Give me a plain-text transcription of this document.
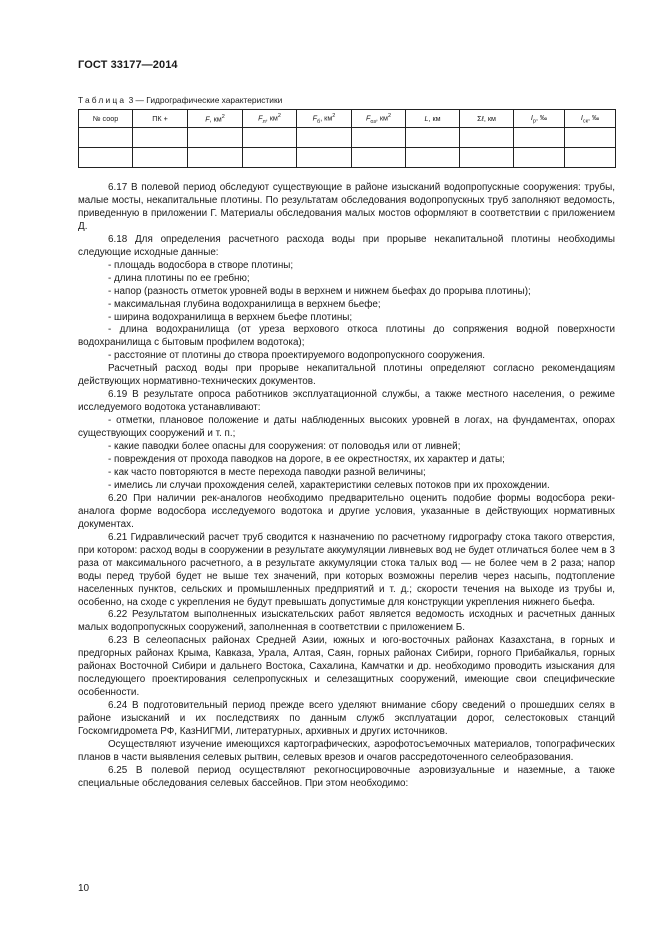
ГОСТ 33177—2014
Таблица 3 — Гидрографические характеристики
№ соор	ПК +	F, $км^2$	$F_л$, $км^2$	$F_б$, $км^2$	$F_{оз}$, $км^2$	L, км	Σℓ, км	$I_р$, ‰	$I_{ск}$, ‰

6.17 В полевой период обследуют существующие в районе изысканий водопропускные сооружения: трубы, малые мосты, некапитальные плотины. По результатам обследования водопропускных труб заполняют ведомость, приведенную в приложении Г. Материалы обследования малых мостов оформляют в соответствии с приложением Д.

6.18 Для определения расчетного расхода воды при прорыве некапитальной плотины необходимы следующие исходные данные:

- площадь водосбора в створе плотины;

- длина плотины по ее гребню;

- напор (разность отметок уровней воды в верхнем и нижнем бьефах до прорыва плотины);

- максимальная глубина водохранилища в верхнем бьефе;

- ширина водохранилища в верхнем бьефе плотины;

- длина водохранилища (от уреза верхового откоса плотины до сопряжения водной поверхности водохранилища с бытовым профилем водотока);

- расстояние от плотины до створа проектируемого водопропускного сооружения.

Расчетный расход воды при прорыве некапитальной плотины определяют согласно рекомендациям действующих нормативно-технических документов.

6.19 В результате опроса работников эксплуатационной службы, а также местного населения, о режиме исследуемого водотока устанавливают:

- отметки, плановое положение и даты наблюденных высоких уровней в логах, на фундаментах, опорах существующих сооружений и т. п.;

- какие паводки более опасны для сооружения: от половодья или от ливней;

- повреждения от прохода паводков на дороге, в ее окрестностях, их характер и даты;

- как часто повторяются в месте перехода паводки разной величины;

- имелись ли случаи прохождения селей, характеристики селевых потоков при их прохождении.

6.20 При наличии рек-аналогов необходимо предварительно оценить подобие формы водосбора реки-аналога форме водосбора исследуемого водотока и другие условия, указанные в действующих нормативных документах.

6.21 Гидравлический расчет труб сводится к назначению по расчетному гидрографу стока такого отверстия, при котором: расход воды в сооружении в результате аккумуляции ливневых вод не будет отличаться более чем в 3 раза от максимального расчетного, а в результате аккумуляции стока талых вод — не более чем в 2 раза; напор воды перед трубой будет не выше тех значений, при которых возможны перелив через насыпь, подтопление населенных пунктов, сельских и промышленных предприятий и т. д.; скорости течения на выходе из трубы и, особенно, на сходе с укрепления не будут превышать допустимые для конструкции укрепления нижнего бьефа.

6.22 Результатом выполненных изыскательских работ является ведомость исходных и расчетных данных малых водопропускных сооружений, заполненная в соответствии с приложением Б.

6.23 В селеопасных районах Средней Азии, южных и юго-восточных районах Казахстана, в горных и предгорных районах Крыма, Кавказа, Урала, Алтая, Саян, горных районах Сибири, горного Прибайкалья, горных районах Восточной Сибири и дальнего Востока, Сахалина, Камчатки и др. необходимо проводить изыскания для последующего проектирования селепропускных и селезащитных сооружений, имеющие свои специфические особенности.

6.24 В подготовительный период прежде всего уделяют внимание сбору сведений о прошедших селях в районе изысканий и их последствиях по данным служб эксплуатации дорог, селестоковых станций Госкомгидромета РФ, КазНИГМИ, литературных, архивных и других источников.

Осуществляют изучение имеющихся картографических, аэрофотосъемочных материалов, топографических планов в части выявления селевых рытвин, селевых врезов и очагов рассредоточенного селеобразования.

6.25 В полевой период осуществляют рекогносцировочные аэровизуальные и наземные, а также специальные обследования селевых бассейнов. При этом необходимо:

10
